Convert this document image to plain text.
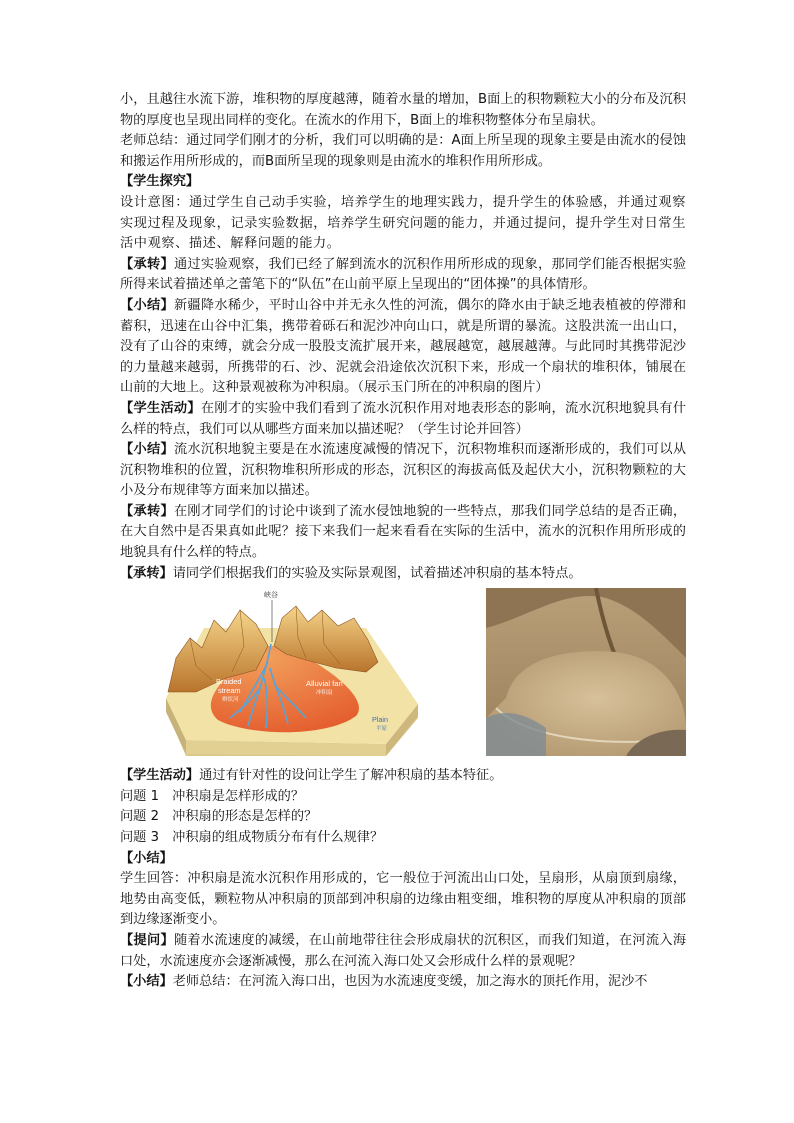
小，且越往水流下游，堆积物的厚度越薄，随着水量的增加，B面上的积物颗粒大小的分布及沉积物的厚度也呈现出同样的变化。在流水的作用下，B面上的堆积物整体分布呈扇状。

老师总结：通过同学们刚才的分析，我们可以明确的是：A面上所呈现的现象主要是由流水的侵蚀和搬运作用所形成的，而B面所呈现的现象则是由流水的堆积作用所形成。

【学生探究】

设计意图：通过学生自己动手实验，培养学生的地理实践力，提升学生的体验感，并通过观察实现过程及现象，记录实验数据，培养学生研究问题的能力，并通过提问，提升学生对日常生活中观察、描述、解释问题的能力。

【承转】通过实验观察，我们已经了解到流水的沉积作用所形成的现象，那同学们能否根据实验所得来试着描述单之蕾笔下的“队伍”在山前平原上呈现出的“团体操”的具体情形。

【小结】新疆降水稀少，平时山谷中并无永久性的河流，偶尔的降水由于缺乏地表植被的停滞和蓄积，迅速在山谷中汇集，携带着砾石和泥沙冲向山口，就是所谓的暴流。这股洪流一出山口，没有了山谷的束缚，就会分成一股股支流扩展开来，越展越宽，越展越薄。与此同时其携带泥沙的力量越来越弱，所携带的石、沙、泥就会沿途依次沉积下来，形成一个扇状的堆积体，铺展在山前的大地上。这种景观被称为冲积扇。（展示玉门所在的冲积扇的图片）

【学生活动】在刚才的实验中我们看到了流水沉积作用对地表形态的影响，流水沉积地貌具有什么样的特点，我们可以从哪些方面来加以描述呢？（学生讨论并回答）

【小结】流水沉积地貌主要是在水流速度减慢的情况下，沉积物堆积而逐渐形成的，我们可以从沉积物堆积的位置，沉积物堆积所形成的形态，沉积区的海拔高低及起伏大小，沉积物颗粒的大小及分布规律等方面来加以描述。

【承转】在刚才同学们的讨论中谈到了流水侵蚀地貌的一些特点，那我们同学总结的是否正确，在大自然中是否果真如此呢？接下来我们一起来看看在实际的生活中，流水的沉积作用所形成的地貌具有什么样的特点。

【承转】请同学们根据我们的实验及实际景观图，试着描述冲积扇的基本特点。

峡谷
Braided
stream
辫状河
Alluvial fan
冲积扇
Plain
平原

【学生活动】通过有针对性的设问让学生了解冲积扇的基本特征。

问题 1　冲积扇是怎样形成的？

问题 2　冲积扇的形态是怎样的？

问题 3　冲积扇的组成物质分布有什么规律？

【小结】

学生回答：冲积扇是流水沉积作用形成的，它一般位于河流出山口处，呈扇形，从扇顶到扇缘，地势由高变低，颗粒物从冲积扇的顶部到冲积扇的边缘由粗变细，堆积物的厚度从冲积扇的顶部到边缘逐渐变小。

【提问】随着水流速度的减缓，在山前地带往往会形成扇状的沉积区，而我们知道，在河流入海口处，水流速度亦会逐渐减慢，那么在河流入海口处又会形成什么样的景观呢？

【小结】老师总结：在河流入海口出，也因为水流速度变缓，加之海水的顶托作用，泥沙不
